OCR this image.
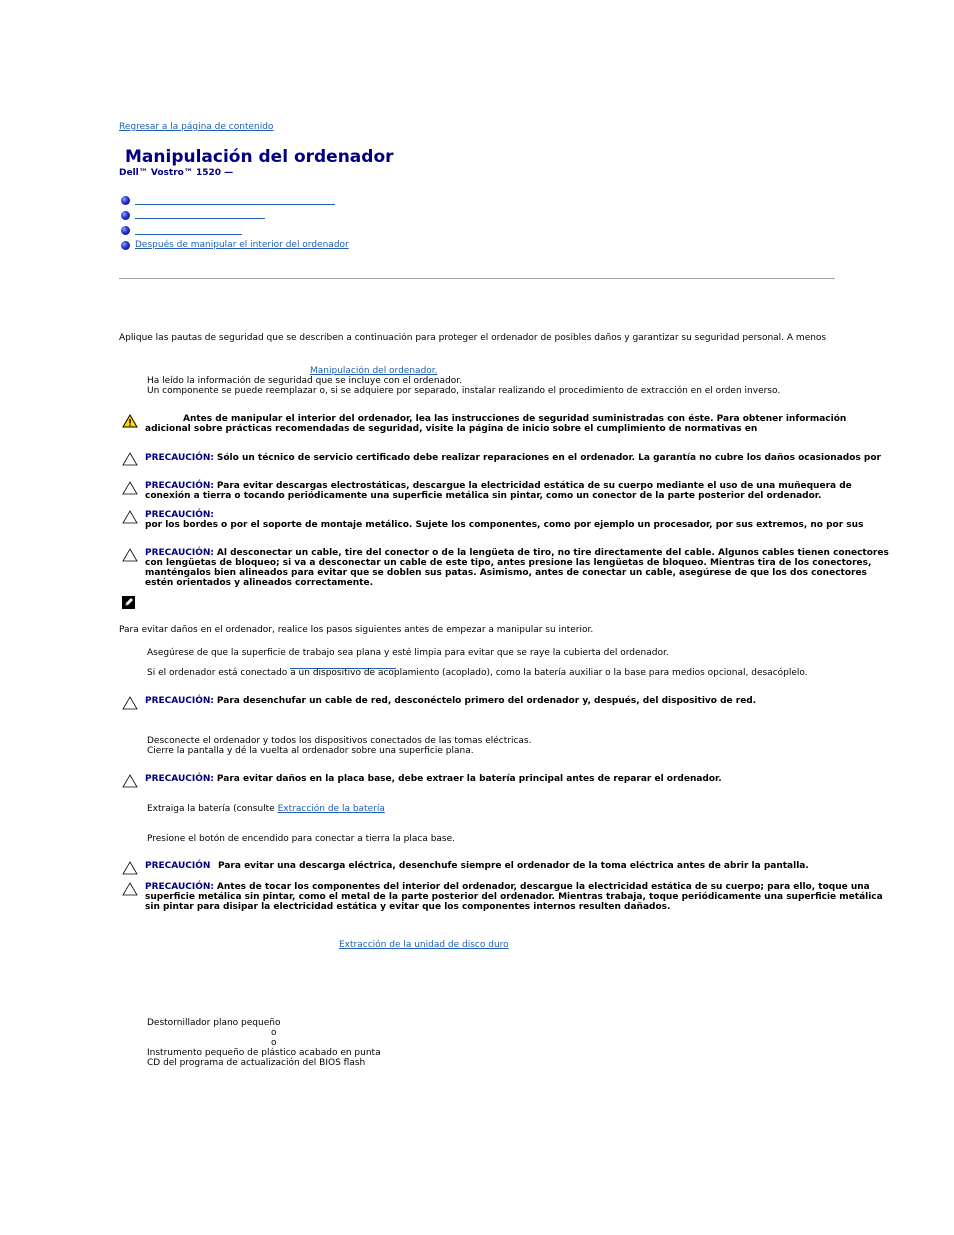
Regresar a la página de contenido
Manipulación del ordenador
Dell™ Vostro™ 1520 —
Después de manipular el interior del ordenador
Aplique las pautas de seguridad que se describen a continuación para proteger el ordenador de posibles daños y garantizar su seguridad personal. A menos
Manipulación del ordenador.
Ha leído la información de seguridad que se incluye con el ordenador.
Un componente se puede reemplazar o, si se adquiere por separado, instalar realizando el procedimiento de extracción en el orden inverso.
Antes de manipular el interior del ordenador, lea las instrucciones de seguridad suministradas con éste. Para obtener información
adicional sobre prácticas recomendadas de seguridad, visite la página de inicio sobre el cumplimiento de normativas en
PRECAUCIÓN: Sólo un técnico de servicio certificado debe realizar reparaciones en el ordenador. La garantía no cubre los daños ocasionados por
PRECAUCIÓN: Para evitar descargas electrostáticas, descargue la electricidad estática de su cuerpo mediante el uso de una muñequera de
conexión a tierra o tocando periódicamente una superficie metálica sin pintar, como un conector de la parte posterior del ordenador.
PRECAUCIÓN:
por los bordes o por el soporte de montaje metálico. Sujete los componentes, como por ejemplo un procesador, por sus extremos, no por sus
PRECAUCIÓN: Al desconectar un cable, tire del conector o de la lengüeta de tiro, no tire directamente del cable. Algunos cables tienen conectores
con lengüetas de bloqueo; si va a desconectar un cable de este tipo, antes presione las lengüetas de bloqueo. Mientras tira de los conectores,
manténgalos bien alineados para evitar que se doblen sus patas. Asimismo, antes de conectar un cable, asegúrese de que los dos conectores
estén orientados y alineados correctamente.
Para evitar daños en el ordenador, realice los pasos siguientes antes de empezar a manipular su interior.
Asegúrese de que la superficie de trabajo sea plana y esté limpia para evitar que se raye la cubierta del ordenador.
Si el ordenador está conectado a un dispositivo de acoplamiento (acoplado), como la batería auxiliar o la base para medios opcional, desacóplelo.
PRECAUCIÓN: Para desenchufar un cable de red, desconéctelo primero del ordenador y, después, del dispositivo de red.
Desconecte el ordenador y todos los dispositivos conectados de las tomas eléctricas.
Cierre la pantalla y dé la vuelta al ordenador sobre una superficie plana.
PRECAUCIÓN: Para evitar daños en la placa base, debe extraer la batería principal antes de reparar el ordenador.
Extraiga la batería (consulte Extracción de la batería
Presione el botón de encendido para conectar a tierra la placa base.
PRECAUCIÓN Para evitar una descarga eléctrica, desenchufe siempre el ordenador de la toma eléctrica antes de abrir la pantalla.
PRECAUCIÓN: Antes de tocar los componentes del interior del ordenador, descargue la electricidad estática de su cuerpo; para ello, toque una
superficie metálica sin pintar, como el metal de la parte posterior del ordenador. Mientras trabaja, toque periódicamente una superficie metálica
sin pintar para disipar la electricidad estática y evitar que los componentes internos resulten dañados.
Extracción de la unidad de disco duro
Destornillador plano pequeño
o
o
Instrumento pequeño de plástico acabado en punta
CD del programa de actualización del BIOS flash
